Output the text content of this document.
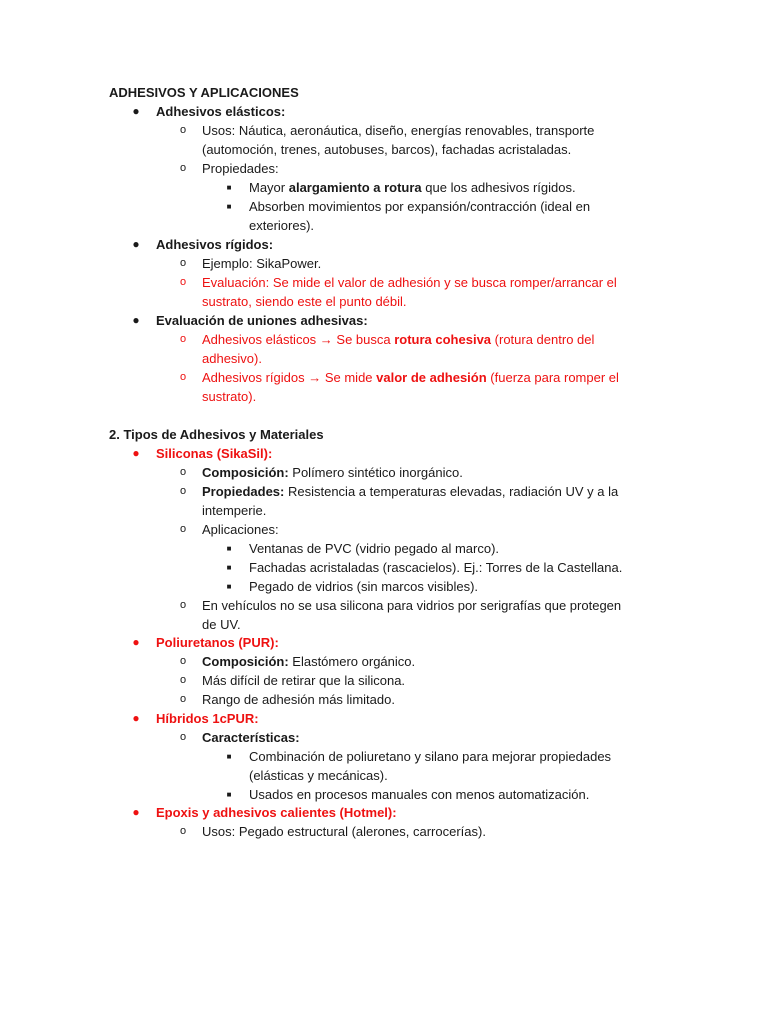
ADHESIVOS Y APLICACIONES
● Adhesivos elásticos:
o Usos: Náutica, aeronáutica, diseño, energías renovables, transporte
(automoción, trenes, autobuses, barcos), fachadas acristaladas.
o Propiedades:
■ Mayor alargamiento a rotura que los adhesivos rígidos.
■ Absorben movimientos por expansión/contracción (ideal en
exteriores).
● Adhesivos rígidos:
o Ejemplo: SikaPower.
o Evaluación: Se mide el valor de adhesión y se busca romper/arrancar el
sustrato, siendo este el punto débil.
● Evaluación de uniones adhesivas:
o Adhesivos elásticos → Se busca rotura cohesiva (rotura dentro del
adhesivo).
o Adhesivos rígidos → Se mide valor de adhesión (fuerza para romper el
sustrato).
2. Tipos de Adhesivos y Materiales
● Siliconas (SikaSil):
o Composición: Polímero sintético inorgánico.
o Propiedades: Resistencia a temperaturas elevadas, radiación UV y a la
intemperie.
o Aplicaciones:
■ Ventanas de PVC (vidrio pegado al marco).
■ Fachadas acristaladas (rascacielos). Ej.: Torres de la Castellana.
■ Pegado de vidrios (sin marcos visibles).
o En vehículos no se usa silicona para vidrios por serigrafías que protegen
de UV.
● Poliuretanos (PUR):
o Composición: Elastómero orgánico.
o Más difícil de retirar que la silicona.
o Rango de adhesión más limitado.
● Híbridos 1cPUR:
o Características:
■ Combinación de poliuretano y silano para mejorar propiedades
(elásticas y mecánicas).
■ Usados en procesos manuales con menos automatización.
● Epoxis y adhesivos calientes (Hotmel):
o Usos: Pegado estructural (alerones, carrocerías).
